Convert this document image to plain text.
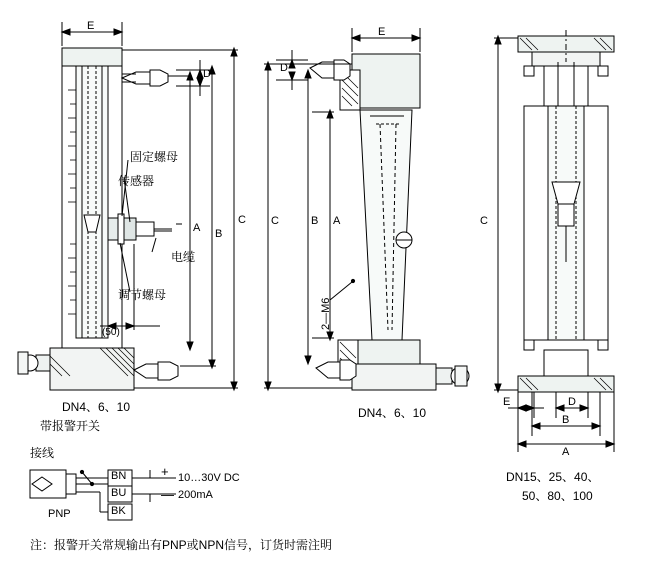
E
D
A B
C
(50)
固定螺母
传感器
电缆
调节螺母
DN4、6、10
带报警开关
E
D
A
B
C
2—M6
DN4、6、10
C
E	D
B
A
DN15、25、40、
50、80、100
接线
BN
BU
BK
+
—
10…30V DC
200mA
PNP
注：报警开关常规输出有PNP或NPN信号，订货时需注明
